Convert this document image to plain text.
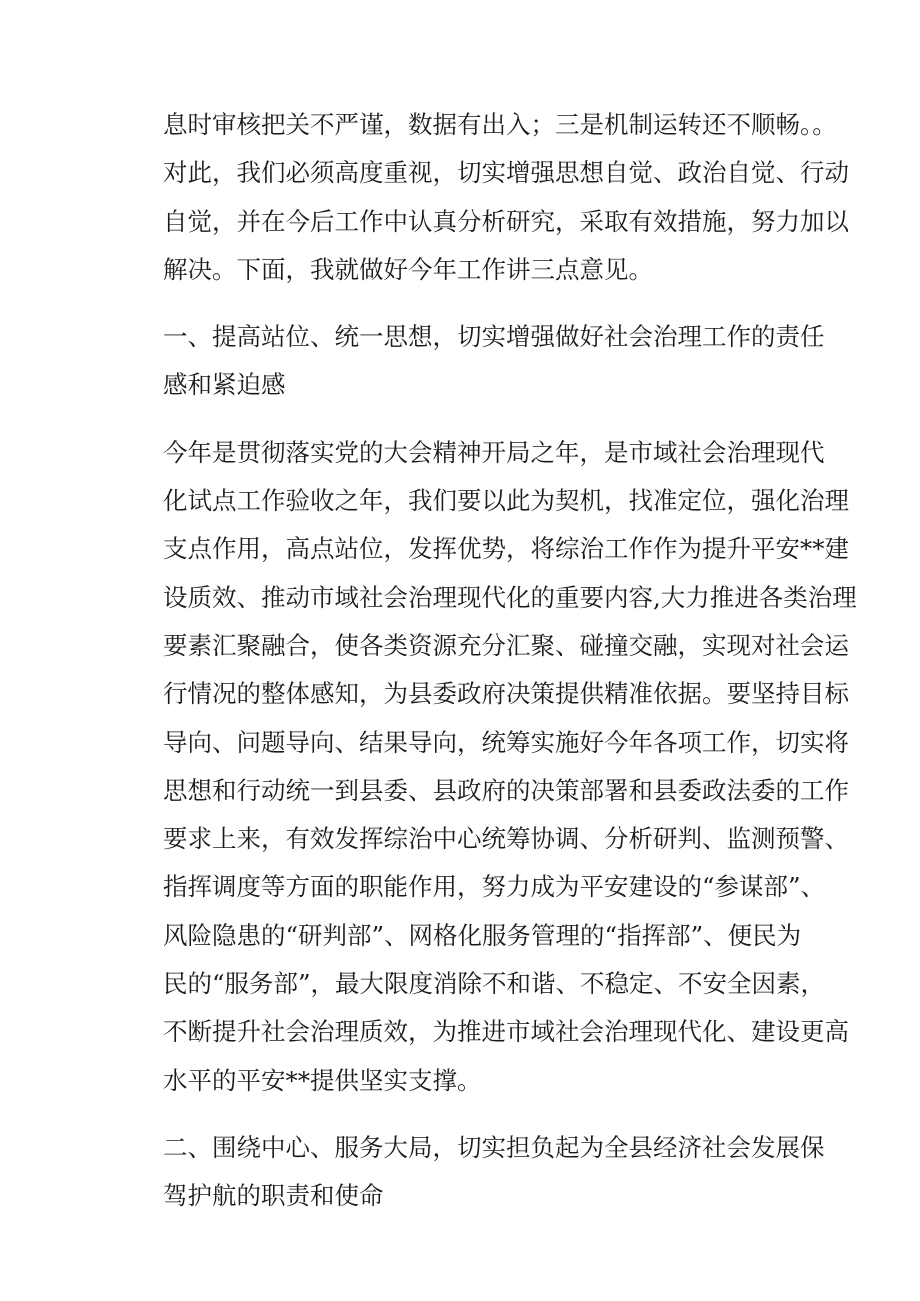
息时审核把关不严谨，数据有出入；三是机制运转还不顺畅。。
对此，我们必须高度重视，切实增强思想自觉、政治自觉、行动
自觉，并在今后工作中认真分析研究，采取有效措施，努力加以
解决。下面，我就做好今年工作讲三点意见。
一、提高站位、统一思想，切实增强做好社会治理工作的责任
感和紧迫感
今年是贯彻落实党的大会精神开局之年，是市域社会治理现代
化试点工作验收之年，我们要以此为契机，找准定位，强化治理
支点作用，高点站位，发挥优势，将综治工作作为提升平安**建
设质效、推动市域社会治理现代化的重要内容,大力推进各类治理
要素汇聚融合，使各类资源充分汇聚、碰撞交融，实现对社会运
行情况的整体感知，为县委政府决策提供精准依据。要坚持目标
导向、问题导向、结果导向，统筹实施好今年各项工作，切实将
思想和行动统一到县委、县政府的决策部署和县委政法委的工作
要求上来，有效发挥综治中心统筹协调、分析研判、监测预警、
指挥调度等方面的职能作用，努力成为平安建设的“参谋部”、
风险隐患的“研判部”、网格化服务管理的“指挥部”、便民为
民的“服务部”，最大限度消除不和谐、不稳定、不安全因素，
不断提升社会治理质效，为推进市域社会治理现代化、建设更高
水平的平安**提供坚实支撑。
二、围绕中心、服务大局，切实担负起为全县经济社会发展保
驾护航的职责和使命
